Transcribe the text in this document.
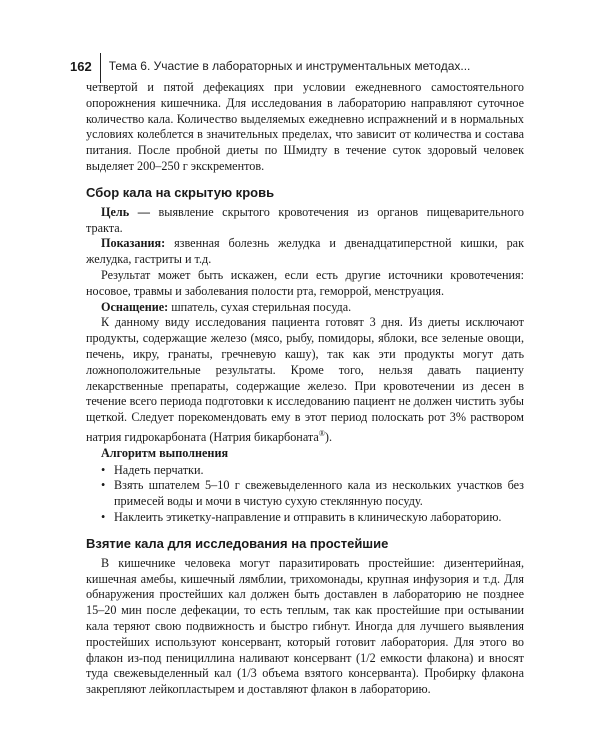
162	Тема 6. Участие в лабораторных и инструментальных методах...

четвертой и пятой дефекациях при условии ежедневного самостоятельного опорожнения кишечника. Для исследования в лабораторию направляют суточное количество кала. Количество выделяемых ежедневно испражнений и в нормальных условиях колеблется в значительных пределах, что зависит от количества и состава питания. После пробной диеты по Шмидту в течение суток здоровый человек выделяет 200–250 г экскрементов.

Сбор кала на скрытую кровь

Цель — выявление скрытого кровотечения из органов пищеварительного тракта.

Показания: язвенная болезнь желудка и двенадцатиперстной кишки, рак желудка, гастриты и т.д.

Результат может быть искажен, если есть другие источники кровотечения: носовое, травмы и заболевания полости рта, геморрой, менструация.

Оснащение: шпатель, сухая стерильная посуда.

К данному виду исследования пациента готовят 3 дня. Из диеты исключают продукты, содержащие железо (мясо, рыбу, помидоры, яблоки, все зеленые овощи, печень, икру, гранаты, гречневую кашу), так как эти продукты могут дать ложноположительные результаты. Кроме того, нельзя давать пациенту лекарственные препараты, содержащие железо. При кровотечении из десен в течение всего периода подготовки к исследованию пациент не должен чистить зубы щеткой. Следует порекомендовать ему в этот период полоскать рот 3% раствором натрия гидрокарбоната (Натрия бикарбоната®).

Алгоритм выполнения
• Надеть перчатки.
• Взять шпателем 5–10 г свежевыделенного кала из нескольких участков без примесей воды и мочи в чистую сухую стеклянную посуду.
• Наклеить этикетку-направление и отправить в клиническую лабораторию.
Взятие кала для исследования на простейшие

В кишечнике человека могут паразитировать простейшие: дизентерийная, кишечная амебы, кишечный лямблии, трихомонады, крупная инфузория и т.д. Для обнаружения простейших кал должен быть доставлен в лабораторию не позднее 15–20 мин после дефекации, то есть теплым, так как простейшие при остывании кала теряют свою подвижность и быстро гибнут. Иногда для лучшего выявления простейших используют консервант, который готовит лаборатория. Для этого во флакон из-под пенициллина наливают консервант (1/2 емкости флакона) и вносят туда свежевыделенный кал (1/3 объема взятого консерванта). Пробирку флакона закрепляют лейкопластырем и доставляют флакон в лабораторию.
